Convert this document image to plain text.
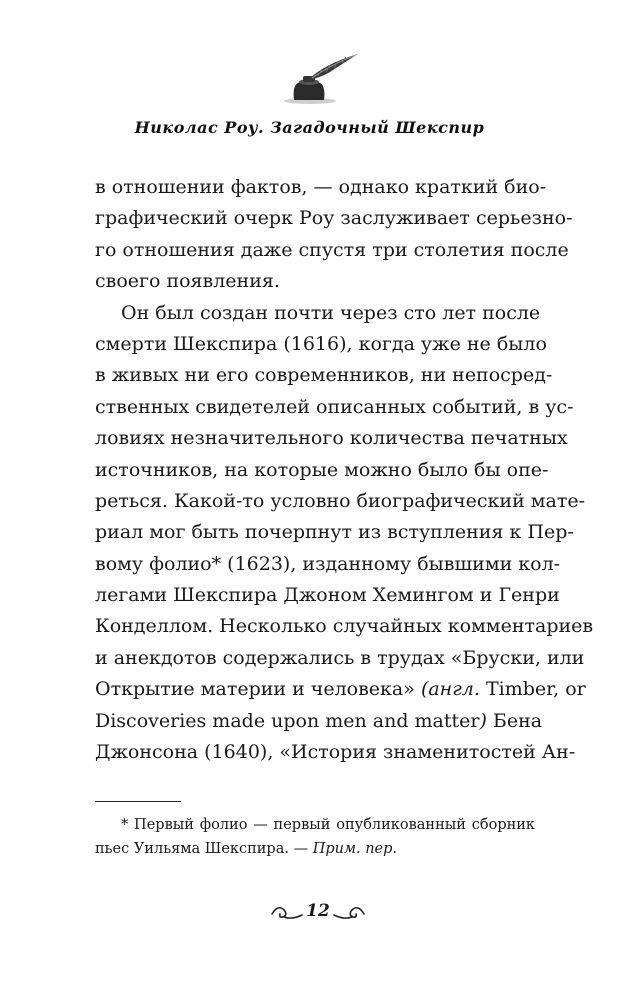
Николас Роу. Загадочный Шекспир
в отношении фактов, — однако краткий био-
графический очерк Роу заслуживает серьезно-
го отношения даже спустя три столетия после
своего появления.
Он был создан почти через сто лет после
смерти Шекспира (1616), когда уже не было
в живых ни его современников, ни непосред-
ственных свидетелей описанных событий, в ус-
ловиях незначительного количества печатных
источников, на которые можно было бы опе-
реться. Какой-то условно биографический мате-
риал мог быть почерпнут из вступления к Пер-
вому фолио* (1623), изданному бывшими кол-
легами Шекспира Джоном Хемингом и Генри
Конделлом. Несколько случайных комментариев
и анекдотов содержались в трудах «Бруски, или
Открытие материи и человека» (англ. Timber, or
Discoveries made upon men and matter) Бена
Джонсона (1640), «История знаменитостей Ан-
* Первый фолио — первый опубликованный сборник
пьес Уильяма Шекспира. — Прим. пер.
12
